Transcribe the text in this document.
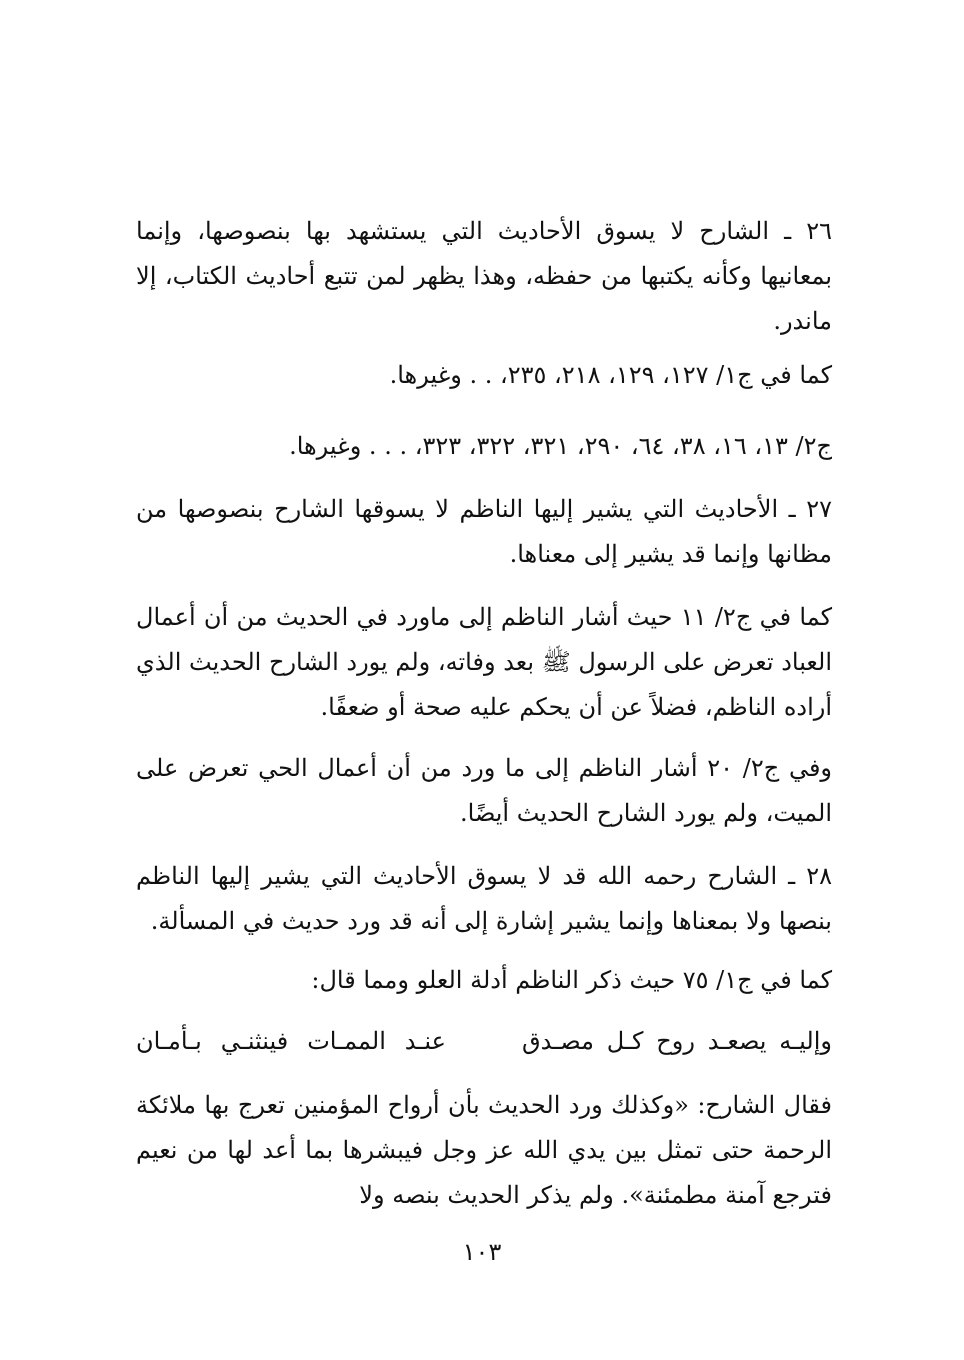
٢٦ ـ الشارح لا يسوق الأحاديث التي يستشهد بها بنصوصها، وإنما بمعانيها وكأنه يكتبها من حفظه، وهذا يظهر لمن تتبع أحاديث الكتاب، إلا ماندر.
كما في ج١/ ١٢٧، ١٢٩، ٢١٨، ٢٣٥، . . وغيرها.
ج٢/ ١٣، ١٦، ٣٨، ٦٤، ٢٩٠، ٣٢١، ٣٢٢، ٣٢٣، . . . وغيرها.
٢٧ ـ الأحاديث التي يشير إليها الناظم لا يسوقها الشارح بنصوصها من مظانها وإنما قد يشير إلى معناها.
كما في ج٢/ ١١ حيث أشار الناظم إلى ماورد في الحديث من أن أعمال العباد تعرض على الرسول ﷺ بعد وفاته، ولم يورد الشارح الحديث الذي أراده الناظم، فضلاً عن أن يحكم عليه صحة أو ضعفًا.
وفي ج٢/ ٢٠ أشار الناظم إلى ما ورد من أن أعمال الحي تعرض على الميت، ولم يورد الشارح الحديث أيضًا.
٢٨ ـ الشارح رحمه الله قد لا يسوق الأحاديث التي يشير إليها الناظم بنصها ولا بمعناها وإنما يشير إشارة إلى أنه قد ورد حديث في المسألة.
كما في ج١/ ٧٥ حيث ذكر الناظم أدلة العلو ومما قال:
وإليـه يصعـد روح كـل مصـدق
عنـد الممـات فينثنـي بـأمـان
فقال الشارح: «وكذلك ورد الحديث بأن أرواح المؤمنين تعرج بها ملائكة الرحمة حتى تمثل بين يدي الله عز وجل فيبشرها بما أعد لها من نعيم فترجع آمنة مطمئنة». ولم يذكر الحديث بنصه ولا
١٠٣
